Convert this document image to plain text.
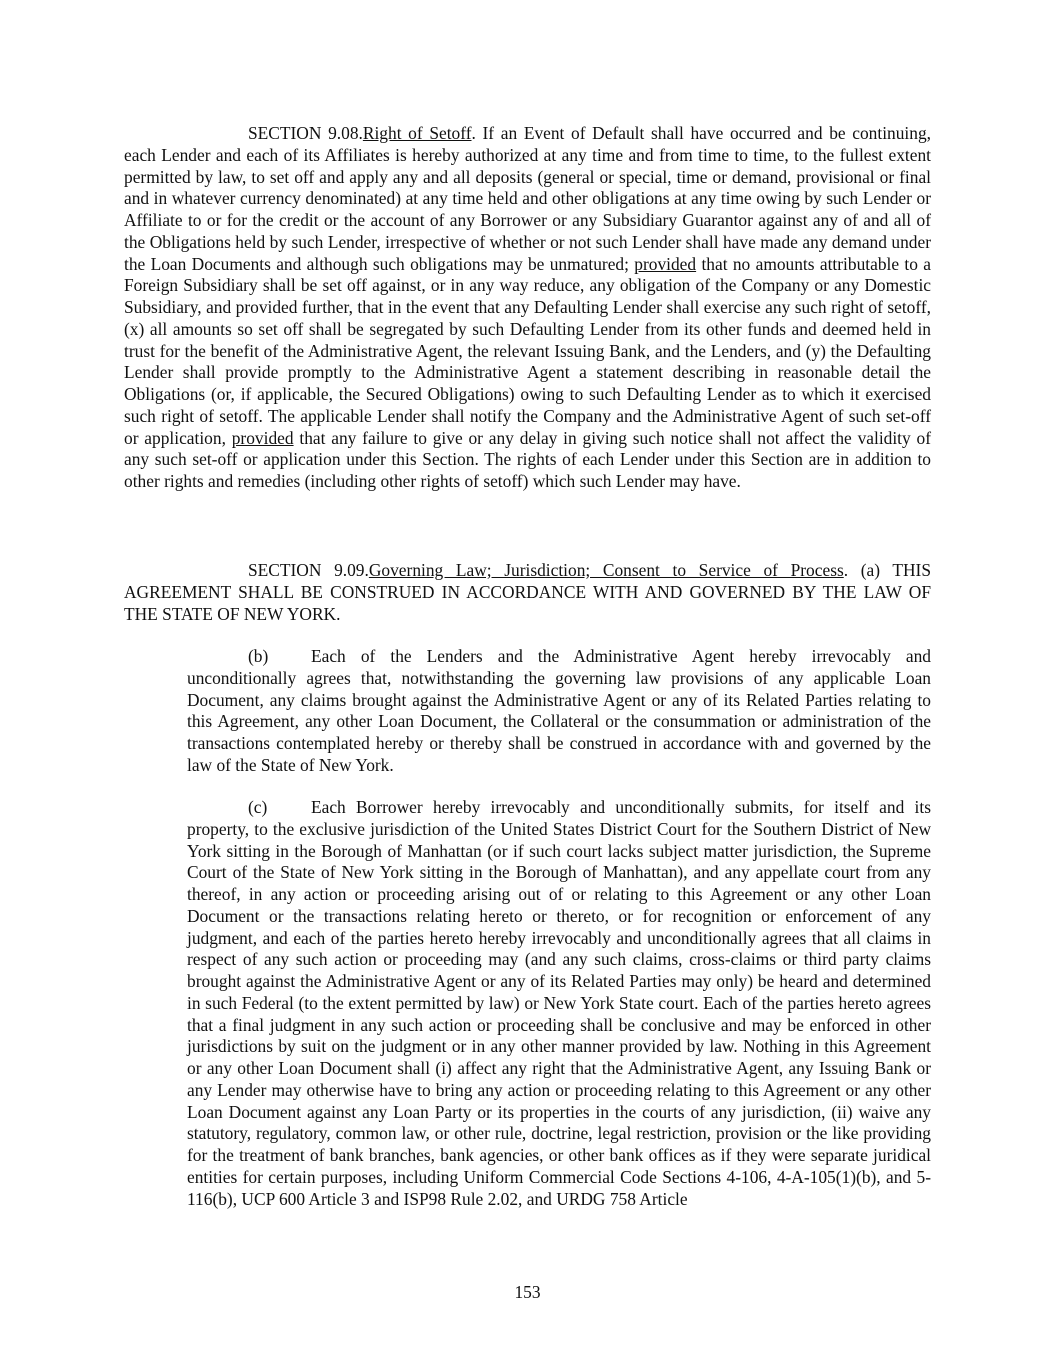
SECTION 9.08.Right of Setoff. If an Event of Default shall have occurred and be continuing, each Lender and each of its Affiliates is hereby authorized at any time and from time to time, to the fullest extent permitted by law, to set off and apply any and all deposits (general or special, time or demand, provisional or final and in whatever currency denominated) at any time held and other obligations at any time owing by such Lender or Affiliate to or for the credit or the account of any Borrower or any Subsidiary Guarantor against any of and all of the Obligations held by such Lender, irrespective of whether or not such Lender shall have made any demand under the Loan Documents and although such obligations may be unmatured; provided that no amounts attributable to a Foreign Subsidiary shall be set off against, or in any way reduce, any obligation of the Company or any Domestic Subsidiary, and provided further, that in the event that any Defaulting Lender shall exercise any such right of setoff, (x) all amounts so set off shall be segregated by such Defaulting Lender from its other funds and deemed held in trust for the benefit of the Administrative Agent, the relevant Issuing Bank, and the Lenders, and (y) the Defaulting Lender shall provide promptly to the Administrative Agent a statement describing in reasonable detail the Obligations (or, if applicable, the Secured Obligations) owing to such Defaulting Lender as to which it exercised such right of setoff. The applicable Lender shall notify the Company and the Administrative Agent of such set-off or application, provided that any failure to give or any delay in giving such notice shall not affect the validity of any such set-off or application under this Section. The rights of each Lender under this Section are in addition to other rights and remedies (including other rights of setoff) which such Lender may have.

SECTION 9.09.Governing Law; Jurisdiction; Consent to Service of Process. (a) THIS AGREEMENT SHALL BE CONSTRUED IN ACCORDANCE WITH AND GOVERNED BY THE LAW OF THE STATE OF NEW YORK.

(b) Each of the Lenders and the Administrative Agent hereby irrevocably and unconditionally agrees that, notwithstanding the governing law provisions of any applicable Loan Document, any claims brought against the Administrative Agent or any of its Related Parties relating to this Agreement, any other Loan Document, the Collateral or the consummation or administration of the transactions contemplated hereby or thereby shall be construed in accordance with and governed by the law of the State of New York.

(c)	Each Borrower hereby irrevocably and unconditionally submits, for itself and its property, to the exclusive jurisdiction of the United States District Court for the Southern District of New York sitting in the Borough of Manhattan (or if such court lacks subject matter jurisdiction, the Supreme Court of the State of New York sitting in the Borough of Manhattan), and any appellate court from any thereof, in any action or proceeding arising out of or relating to this Agreement or any other Loan Document or the transactions relating hereto or thereto, or for recognition or enforcement of any judgment, and each of the parties hereto hereby irrevocably and unconditionally agrees that all claims in respect of any such action or proceeding may (and any such claims, cross-claims or third party claims brought against the Administrative Agent or any of its Related Parties may only) be heard and determined in such Federal (to the extent permitted by law) or New York State court. Each of the parties hereto agrees that a final judgment in any such action or proceeding shall be conclusive and may be enforced in other jurisdictions by suit on the judgment or in any other manner provided by law. Nothing in this Agreement or any other Loan Document shall (i) affect any right that the Administrative Agent, any Issuing Bank or any Lender may otherwise have to bring any action or proceeding relating to this Agreement or any other Loan Document against any Loan Party or its properties in the courts of any jurisdiction, (ii) waive any statutory, regulatory, common law, or other rule, doctrine, legal restriction, provision or the like providing for the treatment of bank branches, bank agencies, or other bank offices as if they were separate juridical entities for certain purposes, including Uniform Commercial Code Sections 4-106, 4-A-105(1)(b), and 5-116(b), UCP 600 Article 3 and ISP98 Rule 2.02, and URDG 758 Article

153
